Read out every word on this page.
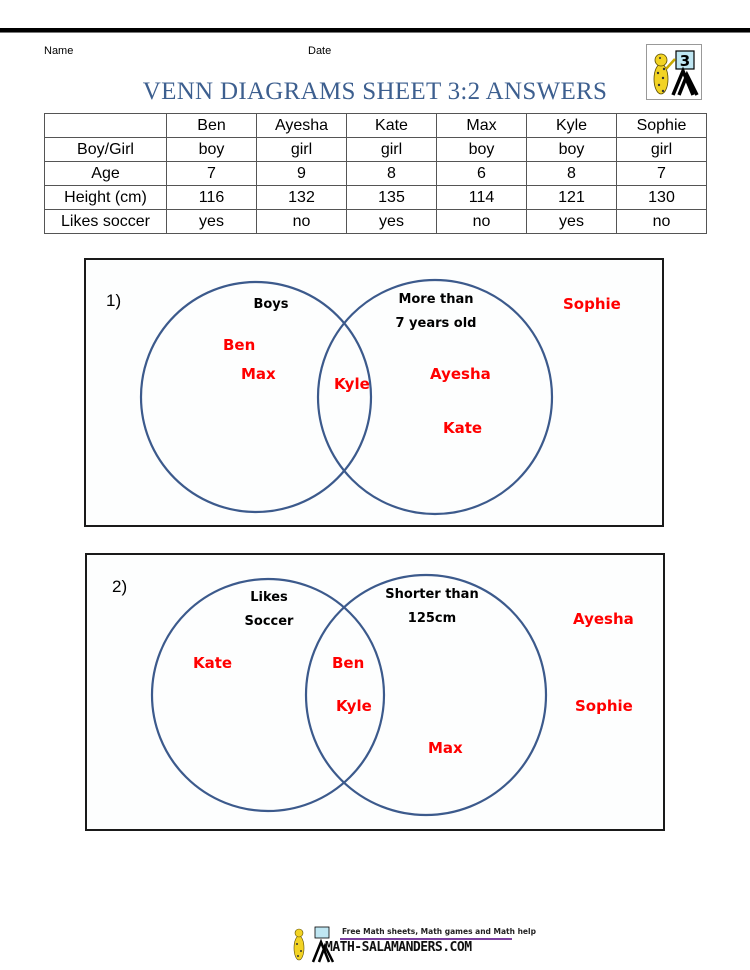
Name	Date
VENN DIAGRAMS SHEET 3:2 ANSWERS
3
	Ben	Ayesha	Kate	Max	Kyle	Sophie
Boy/Girl	boy	girl	girl	boy	boy	girl
Age	7	9	8	6	8	7
Height (cm)	116	132	135	114	121	130
Likes soccer	yes	no	yes	no	yes	no
1)	Boys	More than
7 years old
Ben
Max
Kyle
Ayesha
Kate
Sophie
2)
Likes
Soccer
Shorter than
125cm
Kate	Ben
Kyle
Max
Ayesha
Sophie
Free Math sheets, Math games and Math help
MATH-SALAMANDERS.COM
